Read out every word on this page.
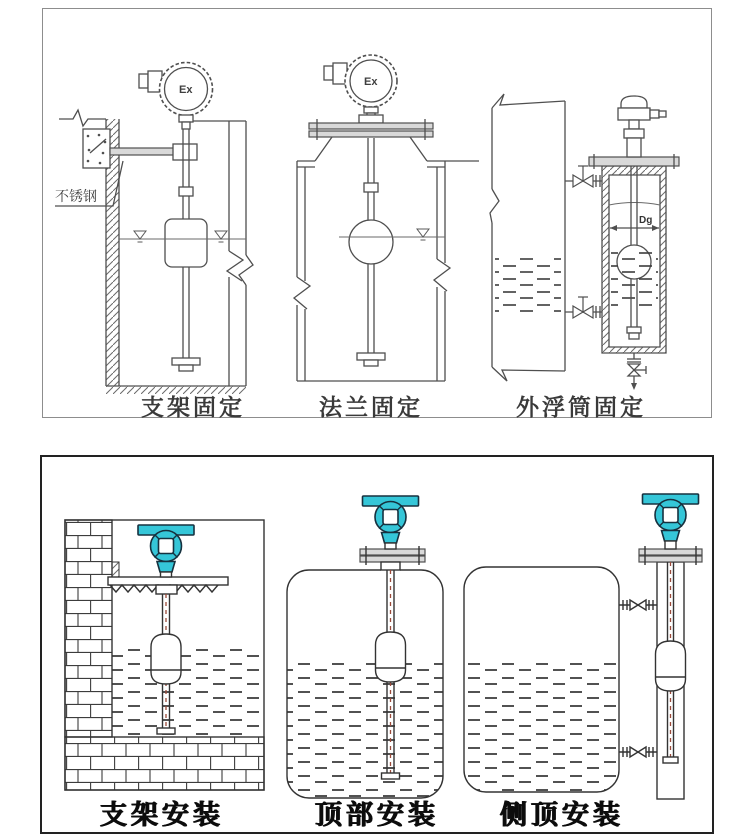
不锈钢
Ex
Ex
Dg
支架固定	法兰固定	外浮筒固定
支架安装	顶部安装 侧顶安装
